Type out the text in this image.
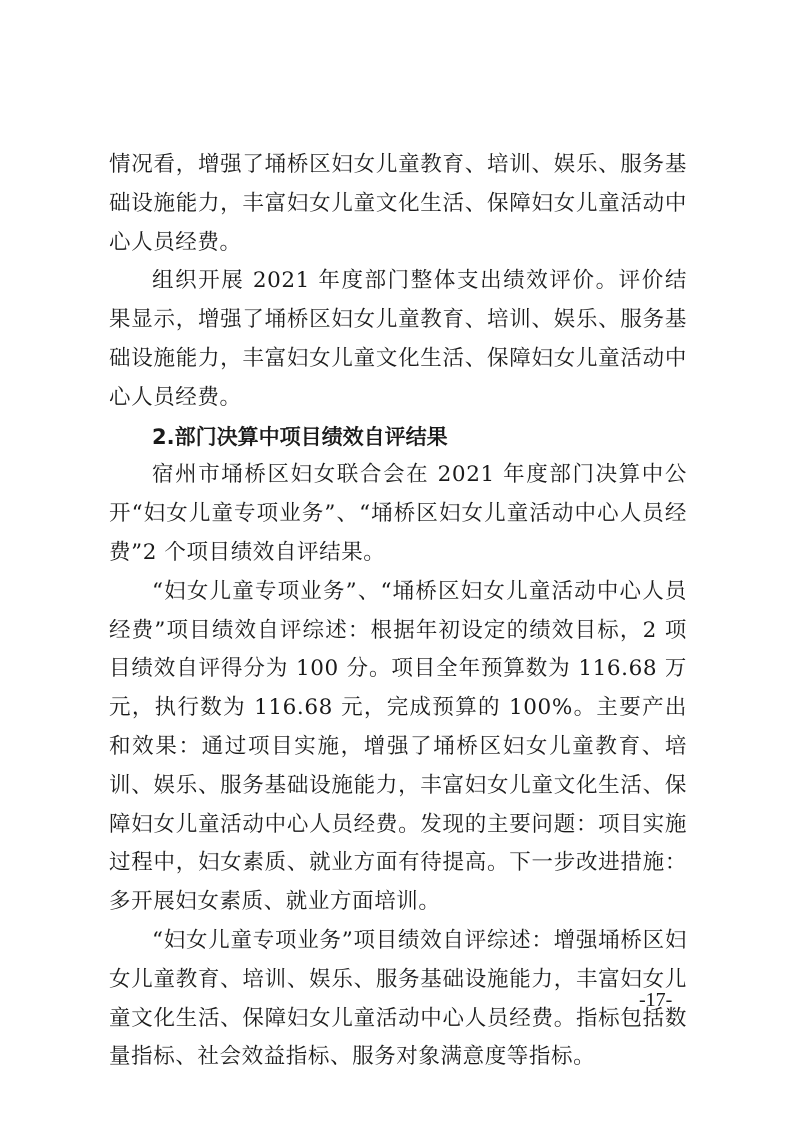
情况看，增强了埇桥区妇女儿童教育、培训、娱乐、服务基础设施能力，丰富妇女儿童文化生活、保障妇女儿童活动中心人员经费。

组织开展 2021 年度部门整体支出绩效评价。评价结果显示，增强了埇桥区妇女儿童教育、培训、娱乐、服务基础设施能力，丰富妇女儿童文化生活、保障妇女儿童活动中心人员经费。

2.部门决算中项目绩效自评结果

宿州市埇桥区妇女联合会在 2021 年度部门决算中公开“妇女儿童专项业务”、“埇桥区妇女儿童活动中心人员经费”2 个项目绩效自评结果。

“妇女儿童专项业务”、“埇桥区妇女儿童活动中心人员经费”项目绩效自评综述：根据年初设定的绩效目标，2 项目绩效自评得分为 100 分。项目全年预算数为 116.68 万元，执行数为 116.68 元，完成预算的 100%。主要产出和效果：通过项目实施，增强了埇桥区妇女儿童教育、培训、娱乐、服务基础设施能力，丰富妇女儿童文化生活、保障妇女儿童活动中心人员经费。发现的主要问题：项目实施过程中，妇女素质、就业方面有待提高。下一步改进措施：多开展妇女素质、就业方面培训。

“妇女儿童专项业务”项目绩效自评综述：增强埇桥区妇女儿童教育、培训、娱乐、服务基础设施能力，丰富妇女儿童文化生活、保障妇女儿童活动中心人员经费。指标包括数量指标、社会效益指标、服务对象满意度等指标。

-17-
